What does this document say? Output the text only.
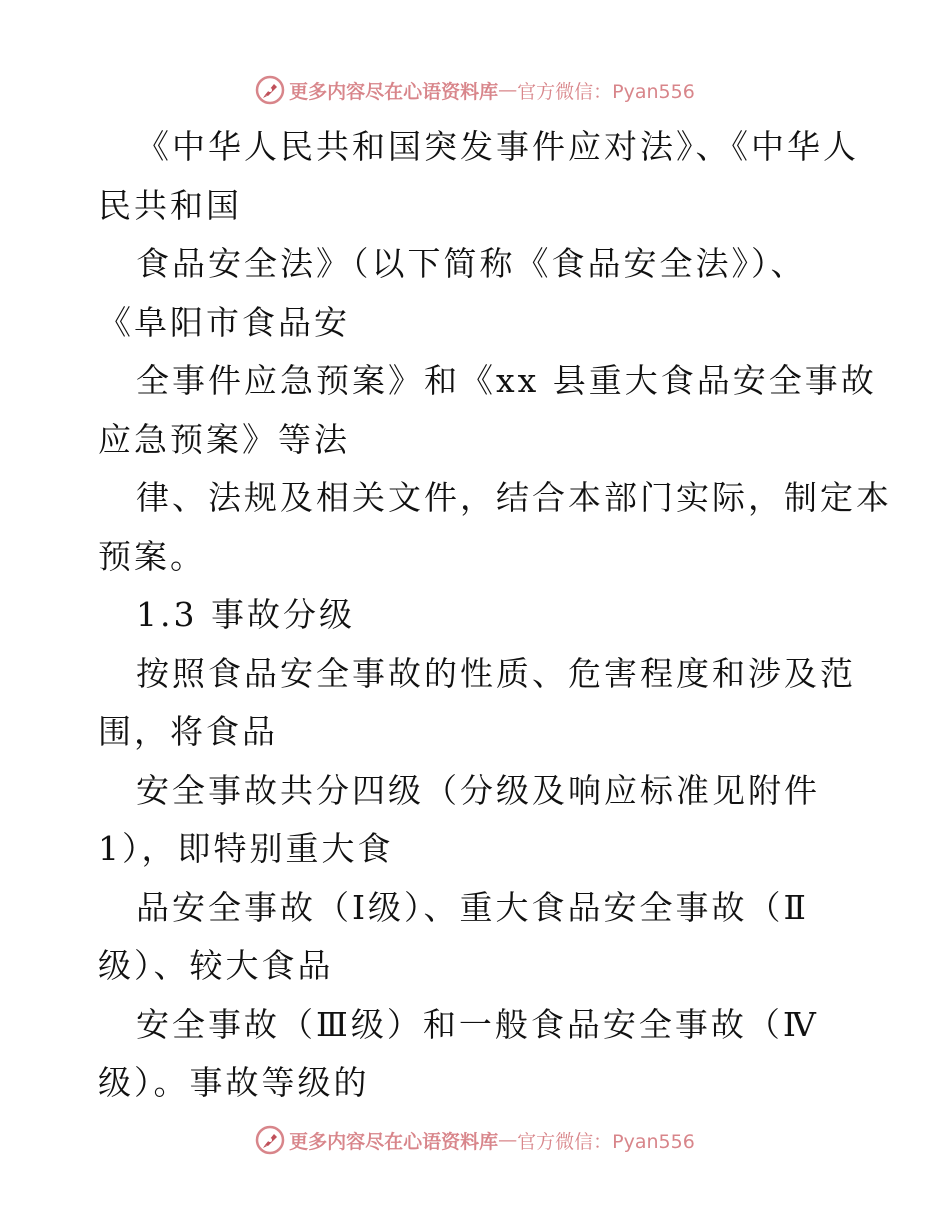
更多内容尽在心语资料库 — 官方微信：Pyan556
《中华人民共和国突发事件应对法》、《中华人
民共和国
食品安全法》（以下简称《食品安全法》）、
《阜阳市食品安
全事件应急预案》和《xx 县重大食品安全事故
应急预案》等法
律、法规及相关文件，结合本部门实际，制定本
预案。
1.3 事故分级
按照食品安全事故的性质、危害程度和涉及范
围，将食品
安全事故共分四级（分级及响应标准见附件
1），即特别重大食
品安全事故（Ⅰ级）、重大食品安全事故（Ⅱ
级）、较大食品
安全事故（Ⅲ级）和一般食品安全事故（Ⅳ
级）。事故等级的
更多内容尽在心语资料库 — 官方微信：Pyan556
